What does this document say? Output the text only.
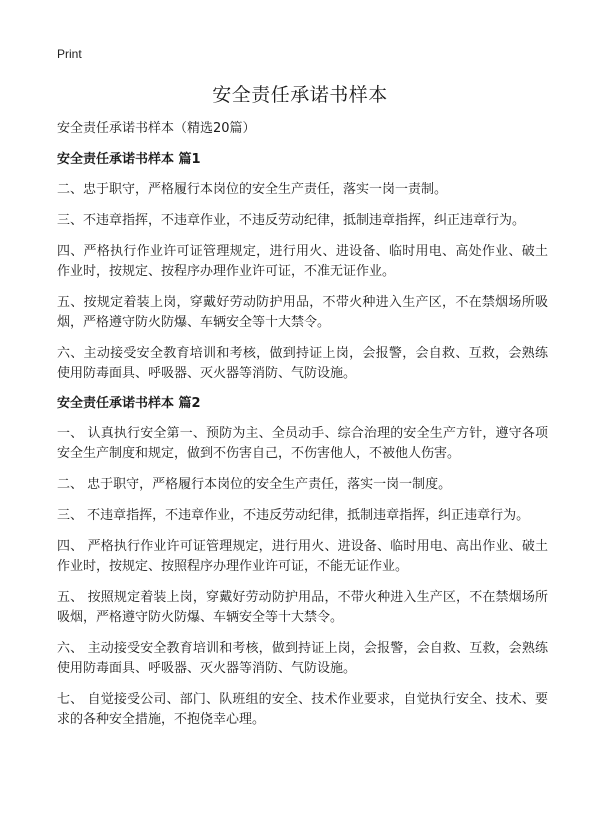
Print
安全责任承诺书样本

安全责任承诺书样本（精选20篇）

安全责任承诺书样本 篇1

二、忠于职守，严格履行本岗位的安全生产责任，落实一岗一责制。

三、不违章指挥，不违章作业，不违反劳动纪律，抵制违章指挥，纠正违章行为。

四、严格执行作业许可证管理规定，进行用火、进设备、临时用电、高处作业、破土作业时，按规定、按程序办理作业许可证，不准无证作业。

五、按规定着装上岗，穿戴好劳动防护用品，不带火种进入生产区，不在禁烟场所吸烟，严格遵守防火防爆、车辆安全等十大禁令。

六、主动接受安全教育培训和考核，做到持证上岗，会报警，会自救、互救，会熟练使用防毒面具、呼吸器、灭火器等消防、气防设施。

安全责任承诺书样本 篇2

一、 认真执行安全第一、预防为主、全员动手、综合治理的安全生产方针，遵守各项安全生产制度和规定，做到不伤害自己，不伤害他人，不被他人伤害。

二、 忠于职守，严格履行本岗位的安全生产责任，落实一岗一制度。

三、 不违章指挥，不违章作业，不违反劳动纪律，抵制违章指挥，纠正违章行为。

四、 严格执行作业许可证管理规定，进行用火、进设备、临时用电、高出作业、破土作业时，按规定、按照程序办理作业许可证，不能无证作业。

五、 按照规定着装上岗，穿戴好劳动防护用品，不带火种进入生产区，不在禁烟场所吸烟，严格遵守防火防爆、车辆安全等十大禁令。

六、 主动接受安全教育培训和考核，做到持证上岗，会报警，会自救、互救，会熟练使用防毒面具、呼吸器、灭火器等消防、气防设施。

七、 自觉接受公司、部门、队班组的安全、技术作业要求，自觉执行安全、技术、要求的各种安全措施，不抱侥幸心理。
